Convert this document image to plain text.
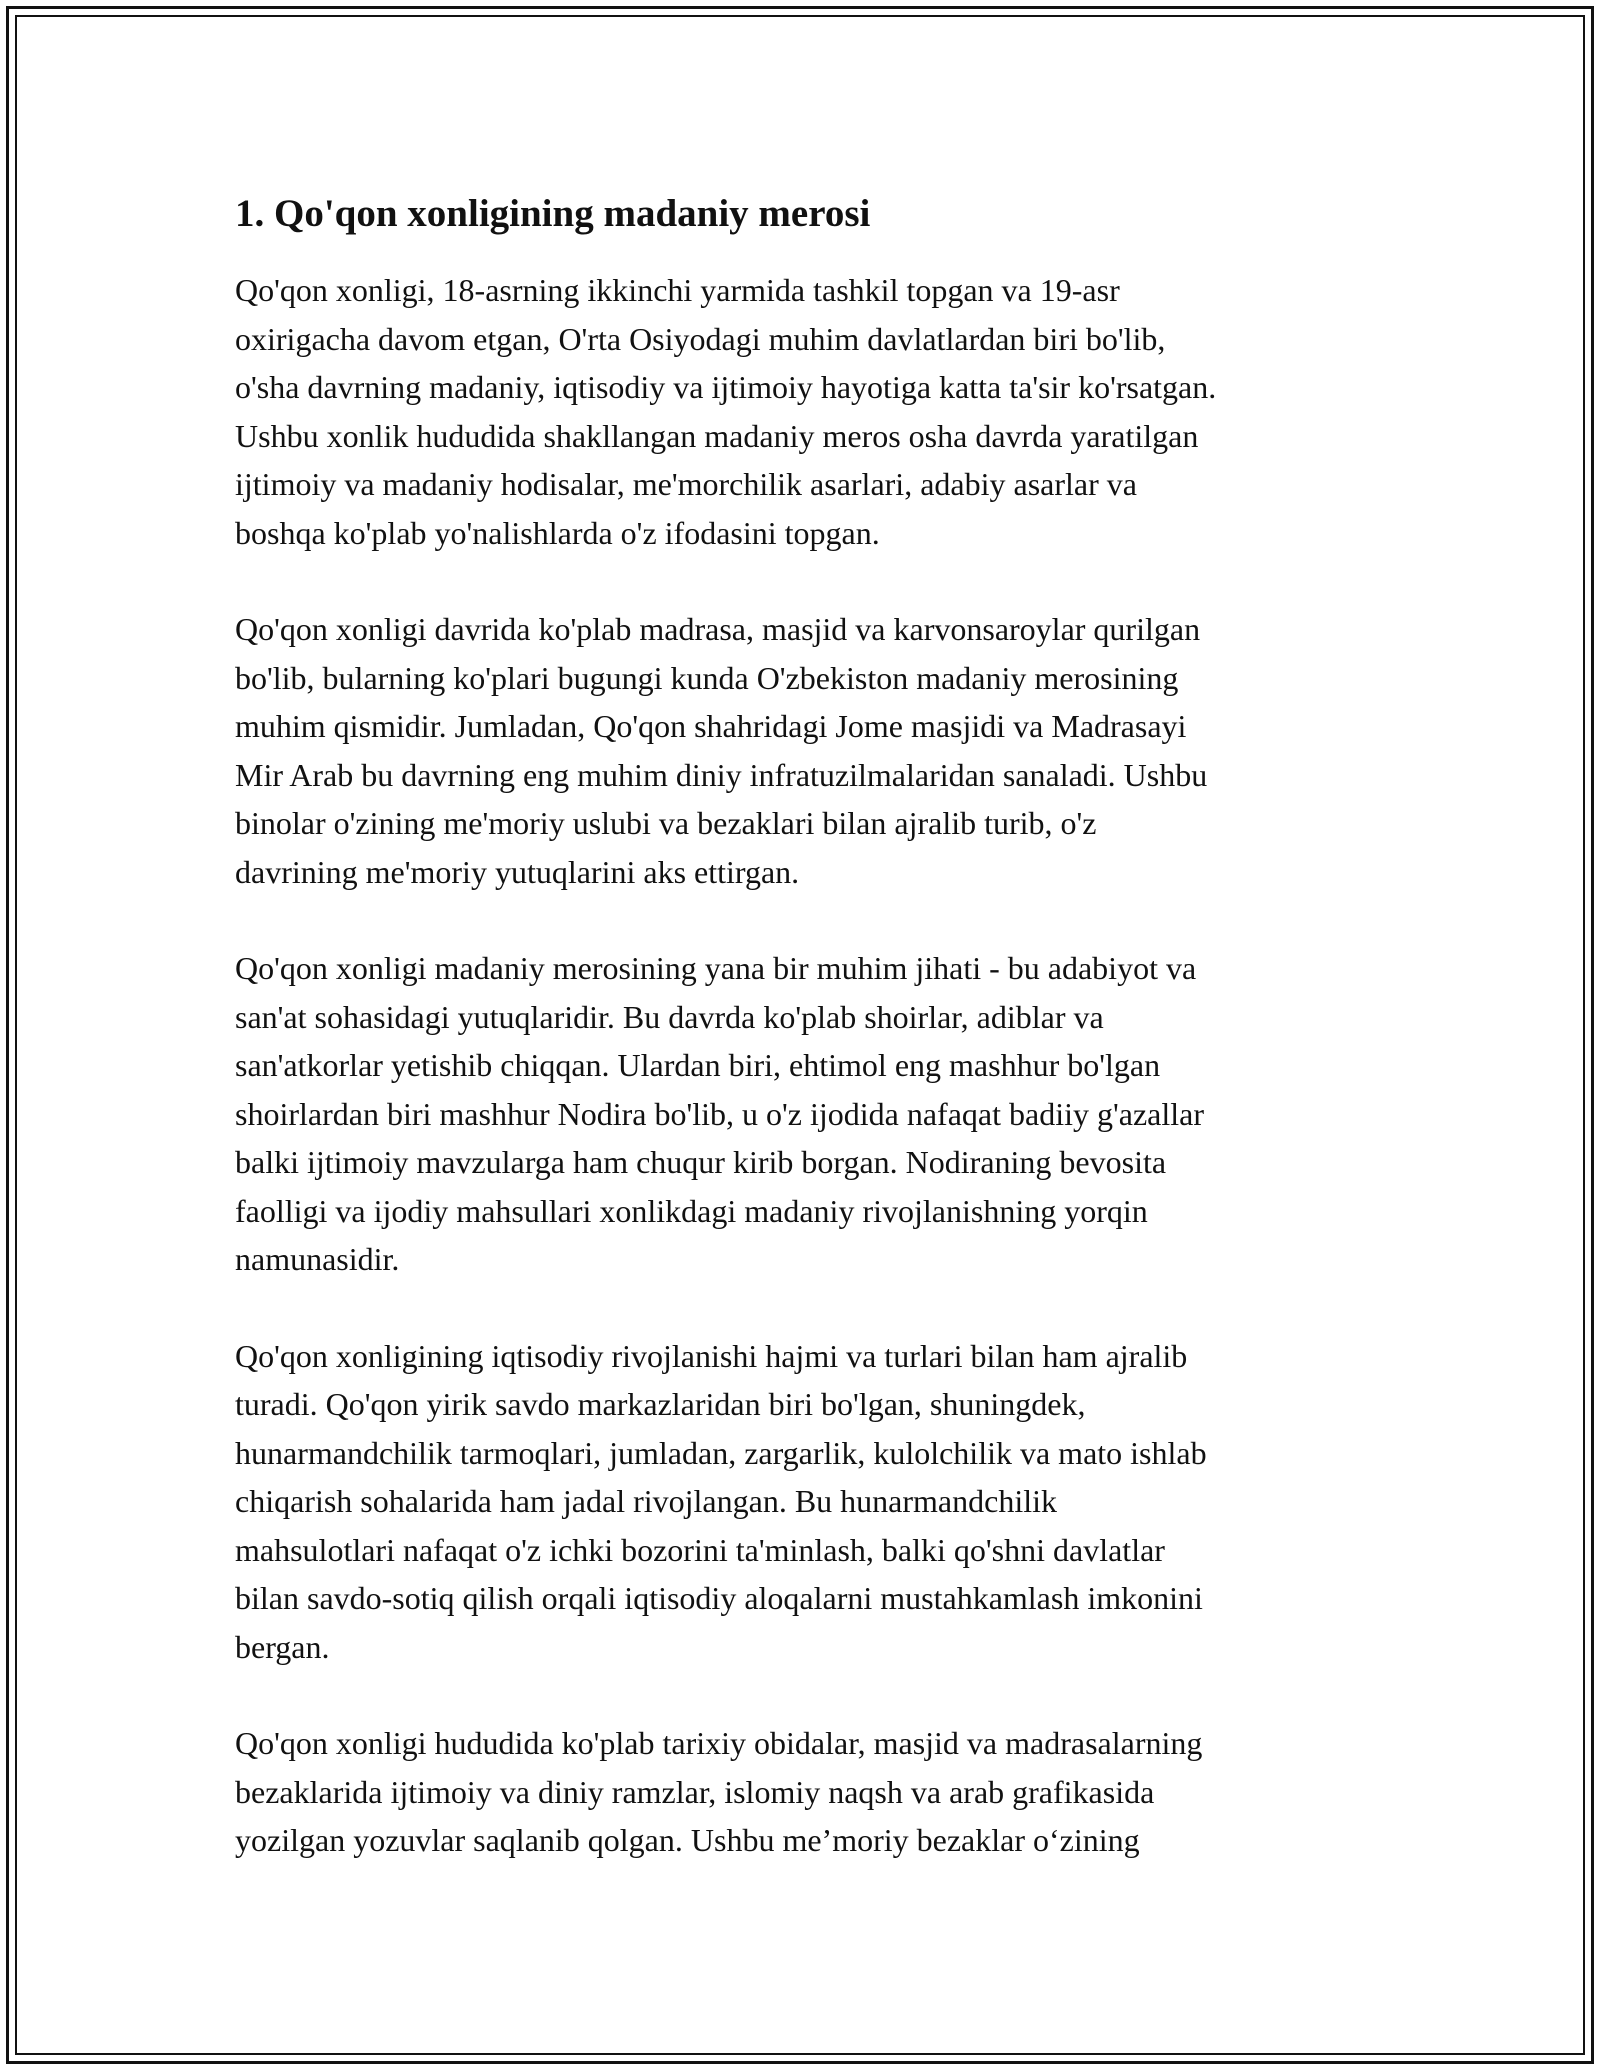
1. Qo'qon xonligining madaniy merosi

Qo'qon xonligi, 18-asrning ikkinchi yarmida tashkil topgan va 19-asr
oxirigacha davom etgan, O'rta Osiyodagi muhim davlatlardan biri bo'lib,
o'sha davrning madaniy, iqtisodiy va ijtimoiy hayotiga katta ta'sir ko'rsatgan.
Ushbu xonlik hududida shakllangan madaniy meros osha davrda yaratilgan
ijtimoiy va madaniy hodisalar, me'morchilik asarlari, adabiy asarlar va
boshqa ko'plab yo'nalishlarda o'z ifodasini topgan.

Qo'qon xonligi davrida ko'plab madrasa, masjid va karvonsaroylar qurilgan
bo'lib, bularning ko'plari bugungi kunda O'zbekiston madaniy merosining
muhim qismidir. Jumladan, Qo'qon shahridagi Jome masjidi va Madrasayi
Mir Arab bu davrning eng muhim diniy infratuzilmalaridan sanaladi. Ushbu
binolar o'zining me'moriy uslubi va bezaklari bilan ajralib turib, o'z
davrining me'moriy yutuqlarini aks ettirgan.

Qo'qon xonligi madaniy merosining yana bir muhim jihati - bu adabiyot va
san'at sohasidagi yutuqlaridir. Bu davrda ko'plab shoirlar, adiblar va
san'atkorlar yetishib chiqqan. Ulardan biri, ehtimol eng mashhur bo'lgan
shoirlardan biri mashhur Nodira bo'lib, u o'z ijodida nafaqat badiiy g'azallar
balki ijtimoiy mavzularga ham chuqur kirib borgan. Nodiraning bevosita
faolligi va ijodiy mahsullari xonlikdagi madaniy rivojlanishning yorqin
namunasidir.

Qo'qon xonligining iqtisodiy rivojlanishi hajmi va turlari bilan ham ajralib
turadi. Qo'qon yirik savdo markazlaridan biri bo'lgan, shuningdek,
hunarmandchilik tarmoqlari, jumladan, zargarlik, kulolchilik va mato ishlab
chiqarish sohalarida ham jadal rivojlangan. Bu hunarmandchilik
mahsulotlari nafaqat o'z ichki bozorini ta'minlash, balki qo'shni davlatlar
bilan savdo-sotiq qilish orqali iqtisodiy aloqalarni mustahkamlash imkonini
bergan.

Qo'qon xonligi hududida ko'plab tarixiy obidalar, masjid va madrasalarning
bezaklarida ijtimoiy va diniy ramzlar, islomiy naqsh va arab grafikasida
yozilgan yozuvlar saqlanib qolgan. Ushbu me’moriy bezaklar o‘zining
